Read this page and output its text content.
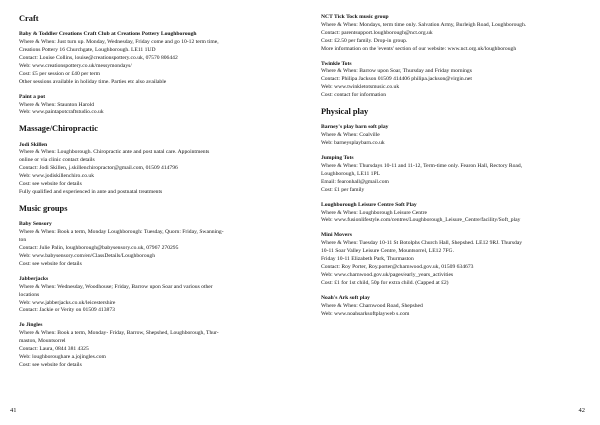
Craft
Baby & Toddler Creations Craft Club at Creations Pottery Loughborough
Where & When: Just turn up. Monday, Wednesday, Friday come and go 10-12 term time,
Creations Pottery 16 Churchgate, Loughborough. LE11 1UD
Contact: Louise Collins, louise@creationspottery.co.uk, 07570 806442
Web: www.creationspottery.co.uk/messymondays/
Cost: £5 per session or £40 per term
Other sessions available in holiday time. Parties etc also available
Paint a pot
Where & When: Staunton Harold
Web: www.paintapotcraftstudio.co.uk
Massage/Chiropractic
Jodi Skillen
Where & When: Loughborough. Chiropractic ante and post natal care. Appointments
online or via clinic contact details
Contact: Jodi Skillen, j.skillenchiropractor@gmail.com, 01509 414796
Web: www.jodiskillenchiro.co.uk
Cost: see website for details
Fully qualified and experienced in ante and postnatal treatments
Music groups
Baby Sensory
Where & When: Book a term, Monday Loughborough: Tuesday, Quorn: Friday, Swanning-
ton
Contact: Julie Palin, loughborough@babysensory.co.uk, 07967 270295
Web: www.babysensory.com/en/ClassDetails/Loughborough
Cost: see website for details
Jabberjacks
Where & When: Wednesday, Woodhouse; Friday, Barrow upon Soar and various other
locations
Web: www.jabberjacks.co.uk/leicestershire
Contact: Jackie or Verity on 01509 413873
Jo Jingles
Where & When: Book a term, Monday- Friday, Barrow, Shepshed, Loughborough, Thur-
maston, Mountsorrel
Contact: Laura, 0844 381 4325
Web: loughboroughare a.jojingles.com
Cost: see website for details
41
NCT Tick Tock music group
Where & When: Mondays, term time only. Salvation Army, Burleigh Road, Loughborough.
Contact: parentsupport.loughborough@nct.org.uk
Cost: £2.50 per family. Drop-in group.
More information on the 'events' section of our website: www.nct.org.uk/loughborough
Twinkle Tots
Where & When: Barrow upon Soar, Thursday and Friday mornings
Contact: Philipa Jackson 01509 414406 philipa.jackson@virgin.net
Web: www.twinkletotsmusic.co.uk
Cost: contact for information
Physical play
Barney's play barn soft play
Where & When: Coalville
Web: barneysplaybarn.co.uk
Jumping Tots
Where & When: Thursdays 10-11 and 11-12, Term-time only. Fearon Hall, Rectory Road,
Loughborough, LE11 1PL
Email: fearonhall@gmail.com
Cost: £1 per family
Loughborough Leisure Centre Soft Play
Where & When: Loughborough Leisure Centre
Web: www.fusionlifestyle.com/centres/Loughborough_Leisure_Centre/facility/Soft_play
Mini Movers
Where & When: Tuesday 10-11 St Botolphs Church Hall, Shepshed. LE12 9RJ. Thursday
10-11 Soar Valley Leisure Centre, Mountsorrel, LE12 7FG.
Friday 10-11 Elizabeth Park, Thurmaston
Contact: Roy Porter, Roy.porter@charnwood.gov.uk, 01509 634673
Web: www.charnwood.gov.uk/pages/early_years_activities
Cost: £1 for 1st child, 50p for extra child. (Capped at £2)
Noah's Ark soft play
Where & When: Charnwood Road, Shepshed
Web: www.noahsarksoftplayweb s.com
42
